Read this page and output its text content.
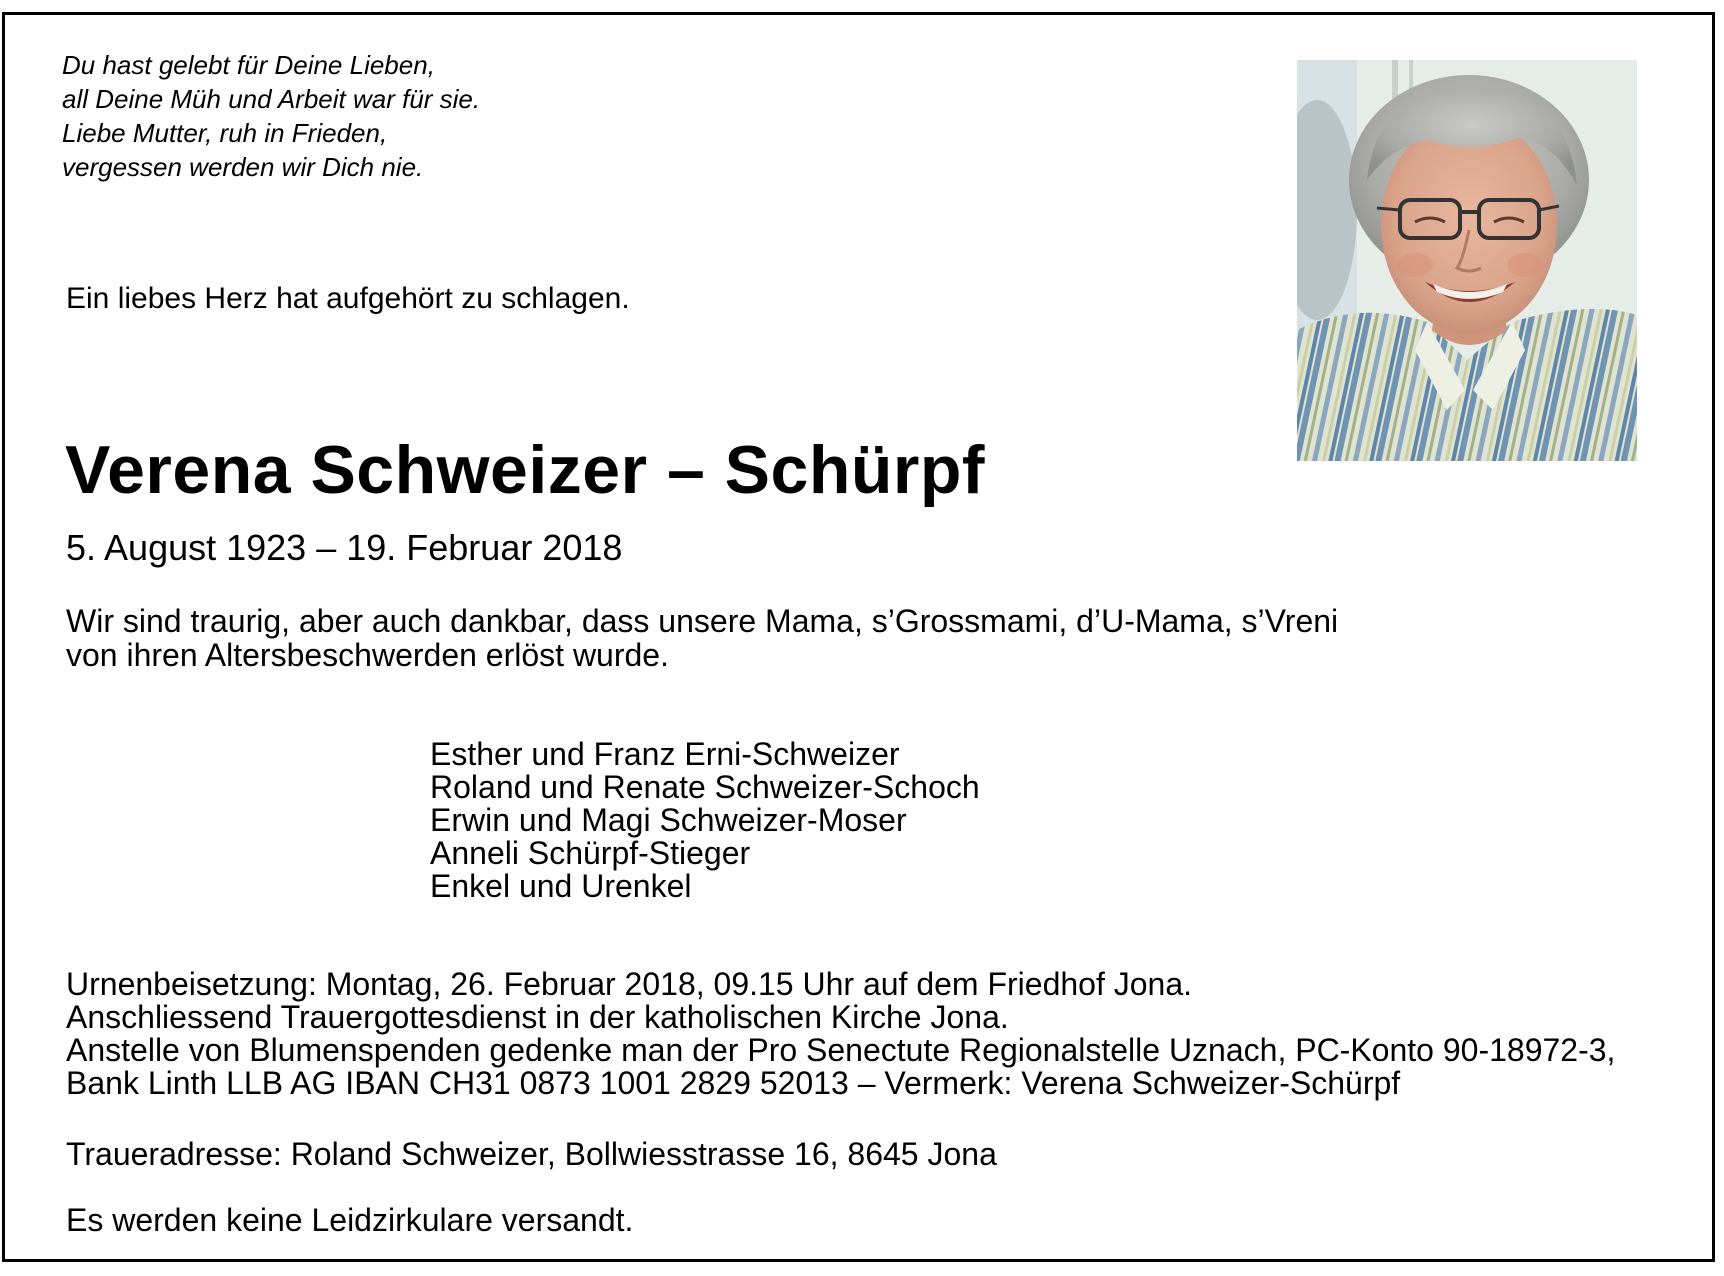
Du hast gelebt für Deine Lieben,
all Deine Müh und Arbeit war für sie.
Liebe Mutter, ruh in Frieden,
vergessen werden wir Dich nie.
Ein liebes Herz hat aufgehört zu schlagen.
Verena Schweizer – Schürpf
5. August 1923 – 19. Februar 2018
Wir sind traurig, aber auch dankbar, dass unsere Mama, s’Grossmami, d’U-Mama, s’Vreni
von ihren Altersbeschwerden erlöst wurde.
Esther und Franz Erni-Schweizer
Roland und Renate Schweizer-Schoch
Erwin und Magi Schweizer-Moser
Anneli Schürpf-Stieger
Enkel und Urenkel
Urnenbeisetzung: Montag, 26. Februar 2018, 09.15 Uhr auf dem Friedhof Jona.
Anschliessend Trauergottesdienst in der katholischen Kirche Jona.
Anstelle von Blumenspenden gedenke man der Pro Senectute Regionalstelle Uznach, PC-Konto 90-18972-3,
Bank Linth LLB AG IBAN CH31 0873 1001 2829 52013 – Vermerk: Verena Schweizer-Schürpf
Traueradresse: Roland Schweizer, Bollwiesstrasse 16, 8645 Jona
Es werden keine Leidzirkulare versandt.
